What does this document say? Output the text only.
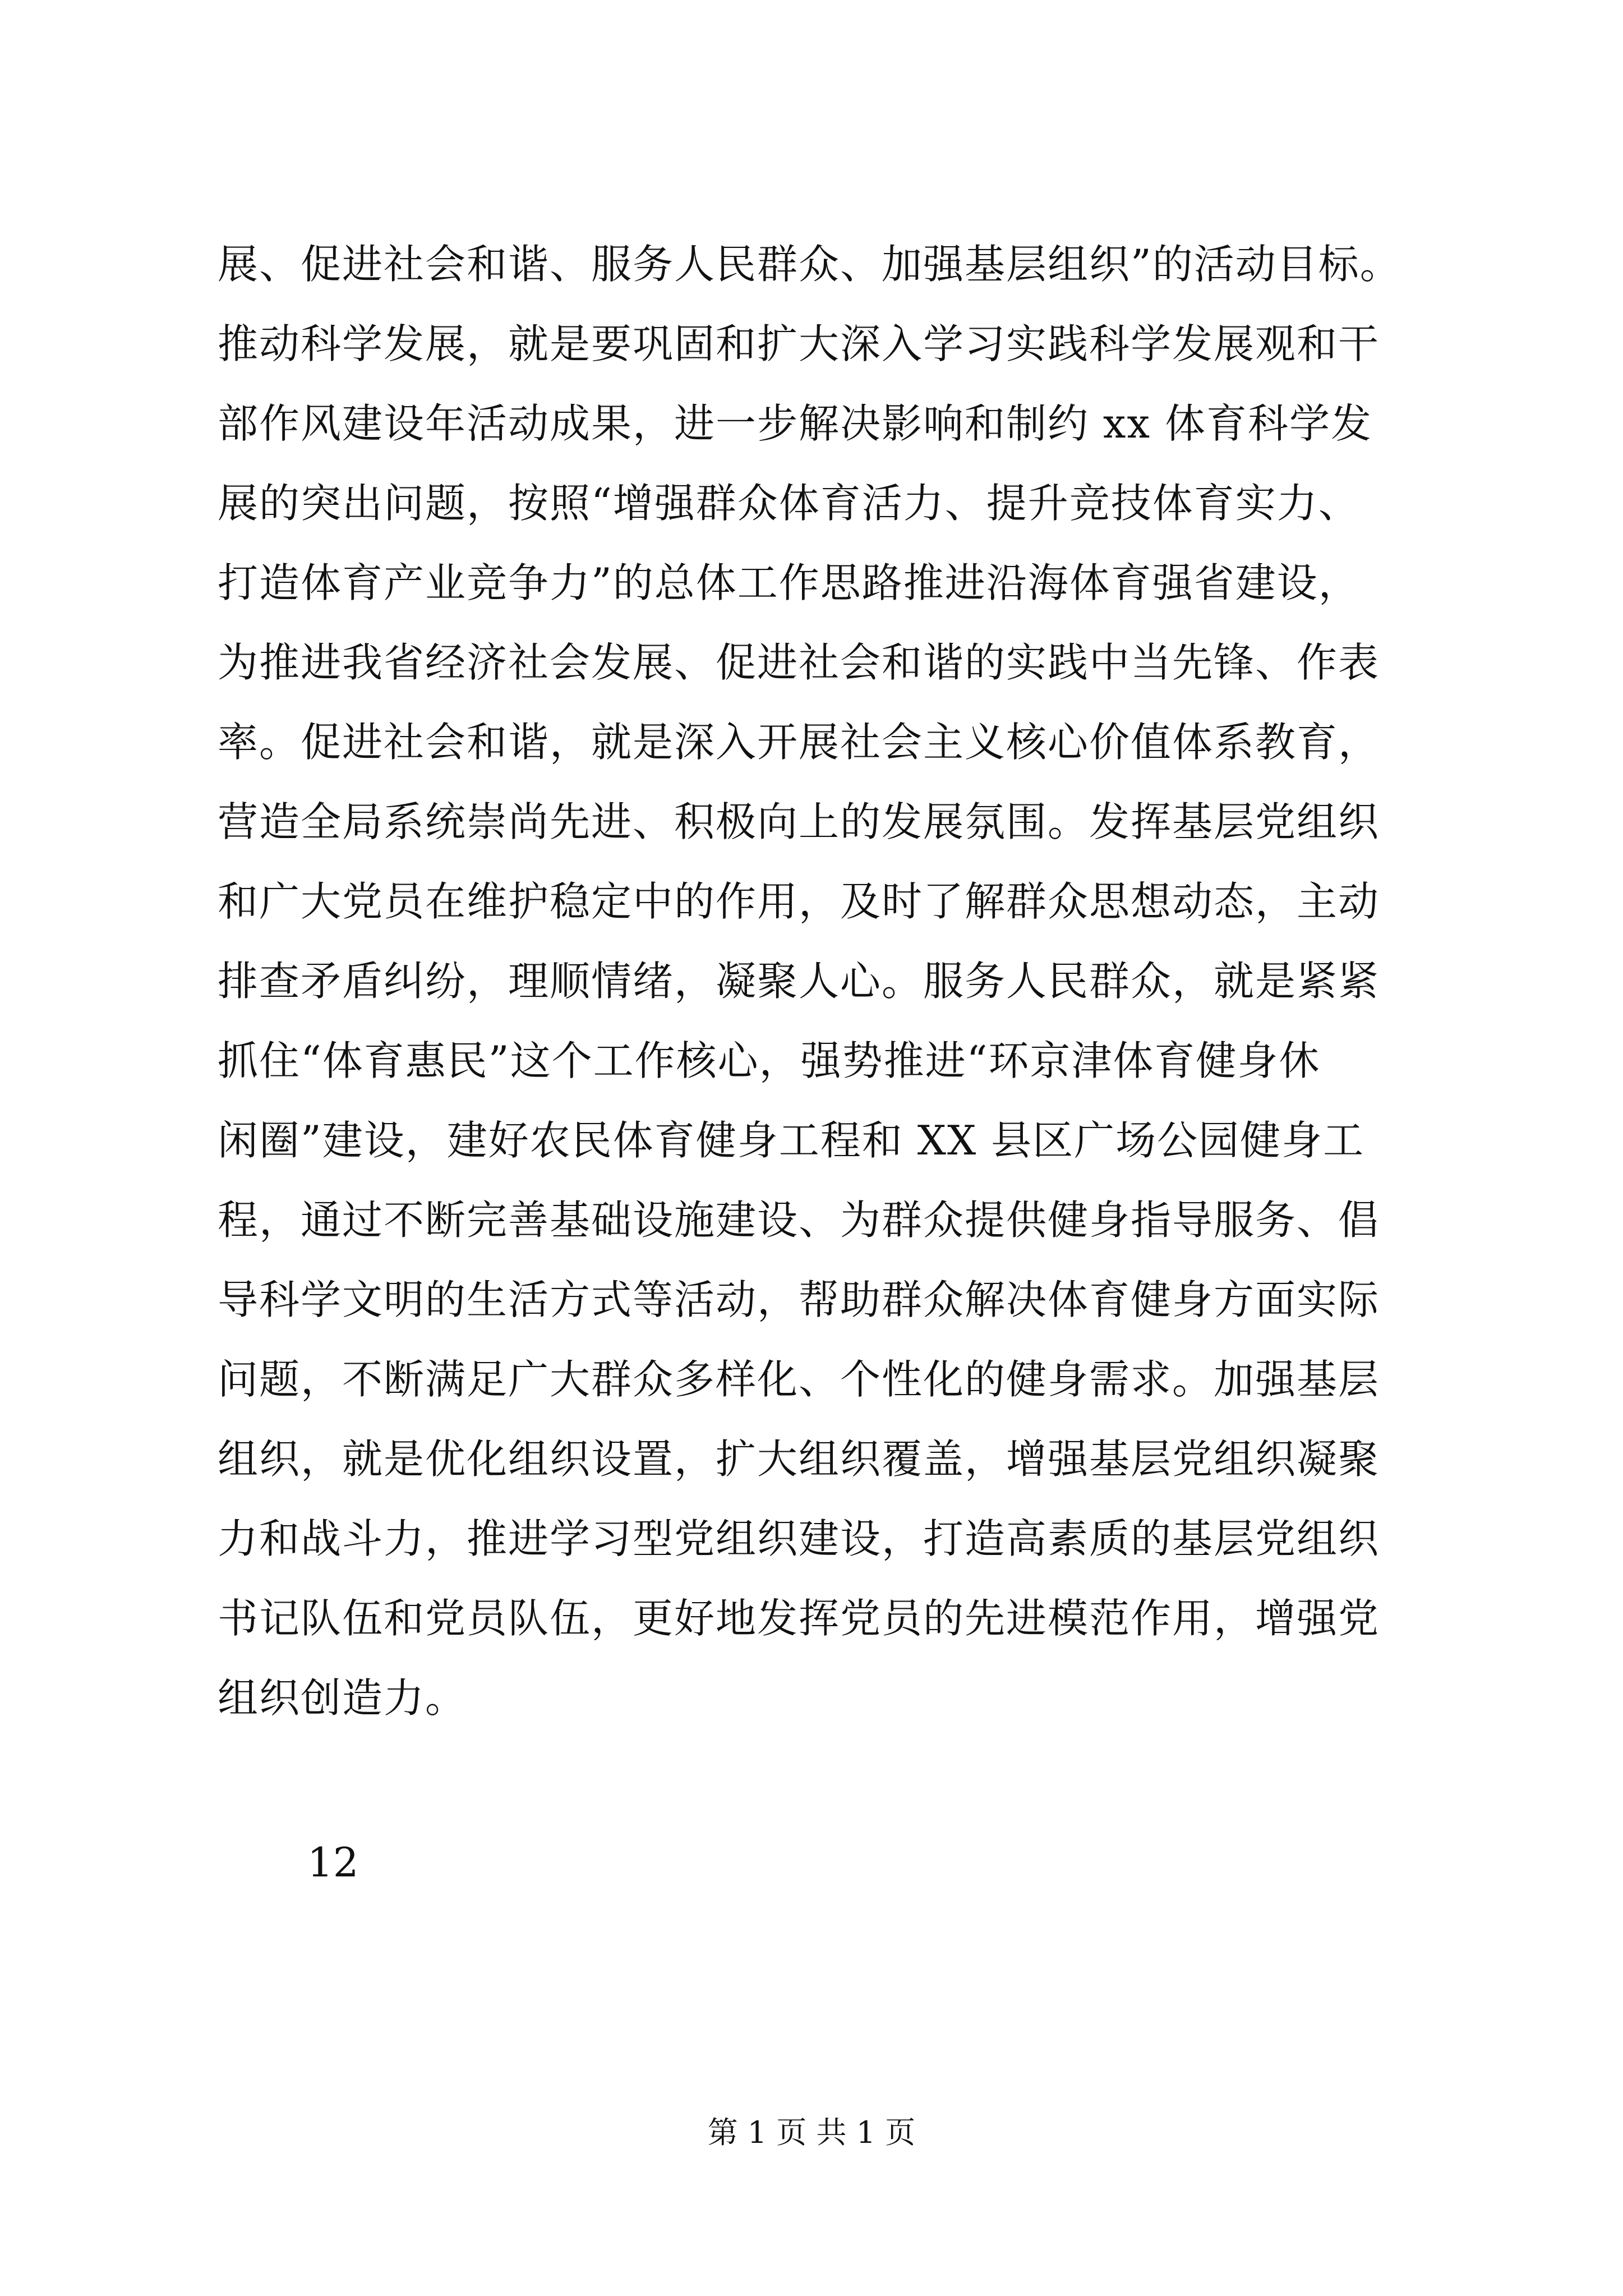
展、促进社会和谐、服务人民群众、加强基层组织”的活动目标。
推动科学发展，就是要巩固和扩大深入学习实践科学发展观和干
部作风建设年活动成果，进一步解决影响和制约 xx 体育科学发
展的突出问题，按照“增强群众体育活力、提升竞技体育实力、
打造体育产业竞争力”的总体工作思路推进沿海体育强省建设，
为推进我省经济社会发展、促进社会和谐的实践中当先锋、作表
率。促进社会和谐，就是深入开展社会主义核心价值体系教育，
营造全局系统崇尚先进、积极向上的发展氛围。发挥基层党组织
和广大党员在维护稳定中的作用，及时了解群众思想动态，主动
排查矛盾纠纷，理顺情绪，凝聚人心。服务人民群众，就是紧紧
抓住“体育惠民”这个工作核心，强势推进“环京津体育健身休
闲圈”建设，建好农民体育健身工程和 XX 县区广场公园健身工
程，通过不断完善基础设施建设、为群众提供健身指导服务、倡
导科学文明的生活方式等活动，帮助群众解决体育健身方面实际
问题，不断满足广大群众多样化、个性化的健身需求。加强基层
组织，就是优化组织设置，扩大组织覆盖，增强基层党组织凝聚
力和战斗力，推进学习型党组织建设，打造高素质的基层党组织
书记队伍和党员队伍，更好地发挥党员的先进模范作用，增强党
组织创造力。

12

第 1 页 共 1 页
